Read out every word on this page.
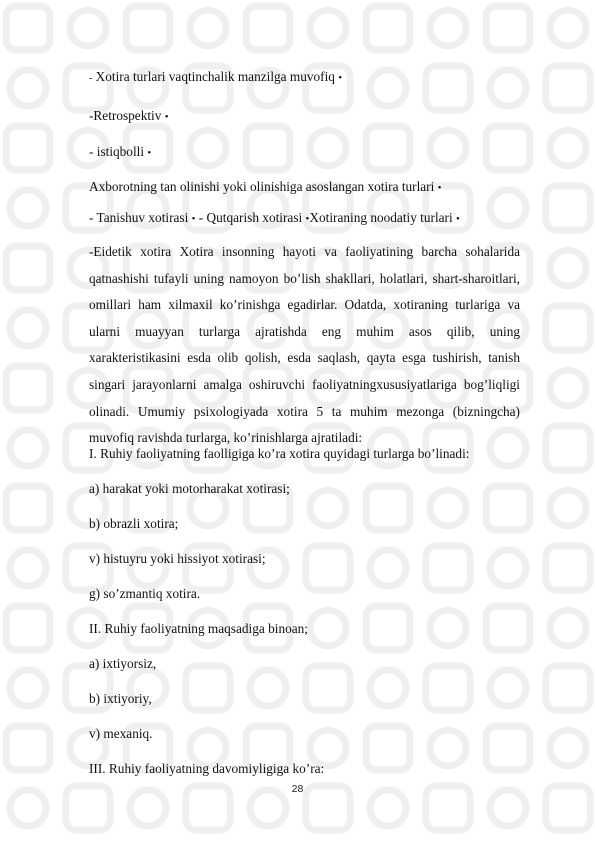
- Xotira turlari vaqtinchalik manzilga muvofiq •
-Retrospektiv •
- istiqbolli •
Axborotning tan olinishi yoki olinishiga asoslangan xotira turlari •
- Tanishuv xotirasi • - Qutqarish xotirasi •Xotiraning noodatiy turlari •
-Eidetik xotira Xotira insonning hayoti va faoliyatining barcha sohalarida qatnashishi tufayli uning namoyon bo’lish shakllari, holatlari, shart-sharoitlari, omillari ham xilmaxil ko’rinishga egadirlar. Odatda, xotiraning turlariga va ularni muayyan turlarga ajratishda eng muhim asos qilib, uning xarakteristikasini esda olib qolish, esda saqlash, qayta esga tushirish, tanish singari jarayonlarni amalga oshiruvchi faoliyatningxususiyatlariga bog’liqligi olinadi. Umumiy psixologiyada xotira 5 ta muhim mezonga (bizningcha) muvofiq ravishda turlarga, ko’rinishlarga ajratiladi:
I. Ruhiy faoliyatning faolligiga ko’ra xotira quyidagi turlarga bo’linadi:
a) harakat yoki motorharakat xotirasi;
b) obrazli xotira;
v) histuyru yoki hissiyot xotirasi;
g) so’zmantiq xotira.
II. Ruhiy faoliyatning maqsadiga binoan;
a) ixtiyorsiz,
b) ixtiyoriy,
v) mexaniq.
III. Ruhiy faoliyatning davomiyligiga ko’ra:
28
